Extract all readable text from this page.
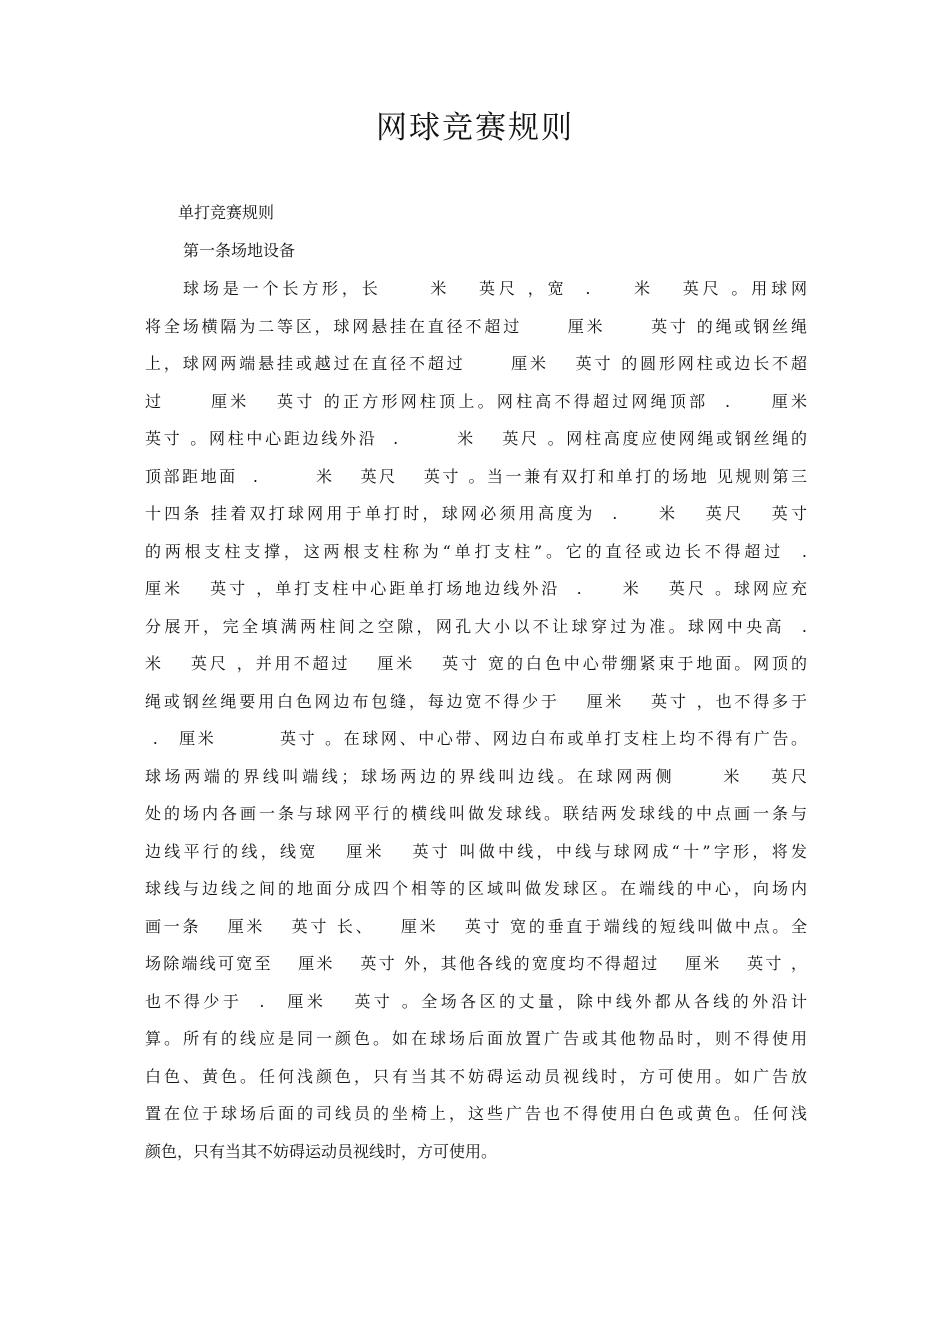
网球竞赛规则

单打竞赛规则

第一条场地设备

球场是一个长方形，长 　　米 　英尺 ，宽  .　　米 　英尺 。用球网
将全场横隔为二等区，球网悬挂在直径不超过 　　厘米 　　英寸 的绳或钢丝绳
上，球网两端悬挂或越过在直径不超过 　　厘米 　英寸 的圆形网柱或边长不超
过 　　厘米 　英寸 的正方形网柱顶上。网柱高不得超过网绳顶部  .　　厘米
英寸 。网柱中心距边线外沿  .　　　米 　英尺 。网柱高度应使网绳或钢丝绳的
顶部距地面  .　　　米 　英尺 　英寸 。当一兼有双打和单打的场地 见规则第三
十四条 挂着双打球网用于单打时，球网必须用高度为  .　　米 　英尺 　英寸
的两根支柱支撑，这两根支柱称为“单打支柱”。它的直径或边长不得超过  .
厘米 　英寸 ，单打支柱中心距单打场地边线外沿  .　　米 　英尺 。球网应充
分展开，完全填满两柱间之空隙，网孔大小以不让球穿过为准。球网中央高  .
米 　英尺 ，并用不超过 　厘米 　英寸 宽的白色中心带绷紧束于地面。网顶的
绳或钢丝绳要用白色网边布包缝，每边宽不得少于 　厘米 　英寸 ，也不得多于
.　厘米 　　　英寸 。在球网、中心带、网边白布或单打支柱上均不得有广告。
球场两端的界线叫端线；球场两边的界线叫边线。在球网两侧 　　米 　英尺
处的场内各画一条与球网平行的横线叫做发球线。联结两发球线的中点画一条与
边线平行的线，线宽 　厘米 　英寸 叫做中线，中线与球网成“十”字形，将发
球线与边线之间的地面分成四个相等的区域叫做发球区。在端线的中心，向场内
画一条 　厘米 　英寸 长、 　厘米 　英寸 宽的垂直于端线的短线叫做中点。全
场除端线可宽至 　厘米 　英寸 外，其他各线的宽度均不得超过 　厘米 　英寸 ，
也不得少于  .　厘米 　英寸 。全场各区的丈量，除中线外都从各线的外沿计
算。所有的线应是同一颜色。如在球场后面放置广告或其他物品时，则不得使用
白色、黄色。任何浅颜色，只有当其不妨碍运动员视线时，方可使用。如广告放
置在位于球场后面的司线员的坐椅上，这些广告也不得使用白色或黄色。任何浅
颜色，只有当其不妨碍运动员视线时，方可使用。
